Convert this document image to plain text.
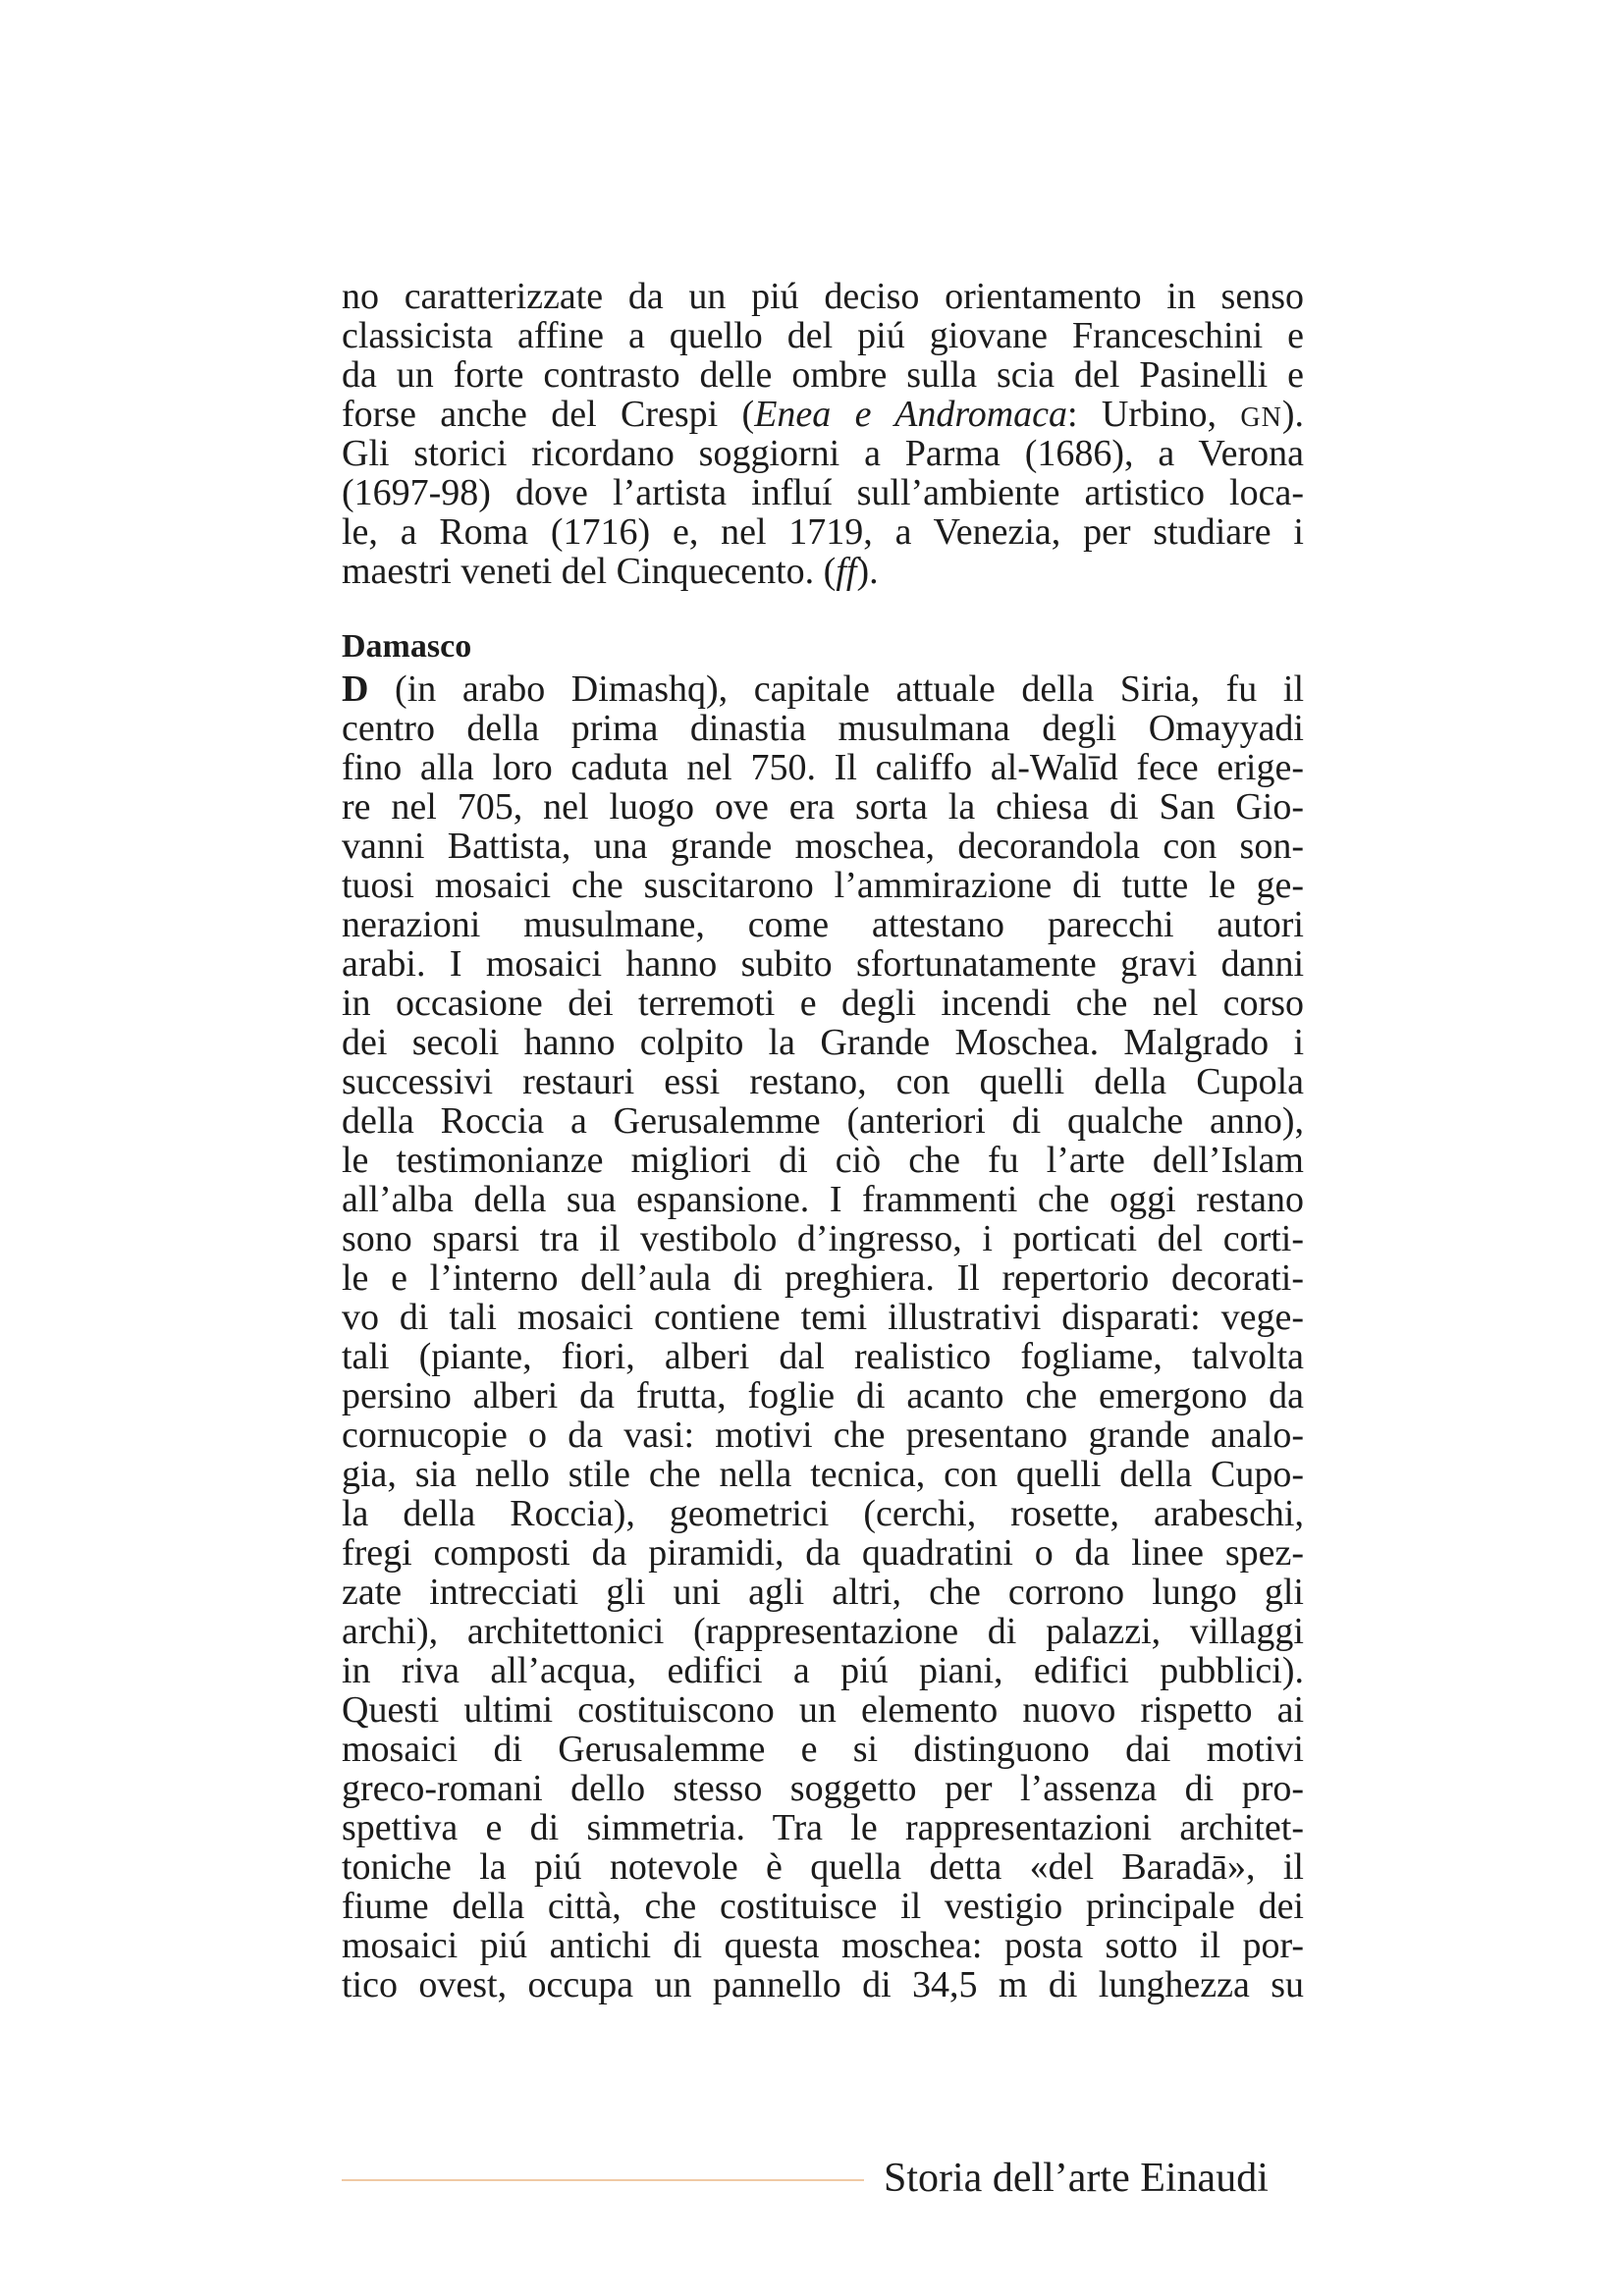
no caratterizzate da un piú deciso orientamento in senso
classicista affine a quello del piú giovane Franceschini e
da un forte contrasto delle ombre sulla scia del Pasinelli e
forse anche del Crespi (Enea e Andromaca: Urbino, GN).
Gli storici ricordano soggiorni a Parma (1686), a Verona
(1697-98) dove l’artista influí sull’ambiente artistico loca-
le, a Roma (1716) e, nel 1719, a Venezia, per studiare i
maestri veneti del Cinquecento. (ff).
Damasco
D (in arabo Dimashq), capitale attuale della Siria, fu il
centro della prima dinastia musulmana degli Omayyadi
fino alla loro caduta nel 750. Il califfo al-Walīd fece erige-
re nel 705, nel luogo ove era sorta la chiesa di San Gio-
vanni Battista, una grande moschea, decorandola con son-
tuosi mosaici che suscitarono l’ammirazione di tutte le ge-
nerazioni musulmane, come attestano parecchi autori
arabi. I mosaici hanno subito sfortunatamente gravi danni
in occasione dei terremoti e degli incendi che nel corso
dei secoli hanno colpito la Grande Moschea. Malgrado i
successivi restauri essi restano, con quelli della Cupola
della Roccia a Gerusalemme (anteriori di qualche anno),
le testimonianze migliori di ciò che fu l’arte dell’Islam
all’alba della sua espansione. I frammenti che oggi restano
sono sparsi tra il vestibolo d’ingresso, i porticati del corti-
le e l’interno dell’aula di preghiera. Il repertorio decorati-
vo di tali mosaici contiene temi illustrativi disparati: vege-
tali (piante, fiori, alberi dal realistico fogliame, talvolta
persino alberi da frutta, foglie di acanto che emergono da
cornucopie o da vasi: motivi che presentano grande analo-
gia, sia nello stile che nella tecnica, con quelli della Cupo-
la della Roccia), geometrici (cerchi, rosette, arabeschi,
fregi composti da piramidi, da quadratini o da linee spez-
zate intrecciati gli uni agli altri, che corrono lungo gli
archi), architettonici (rappresentazione di palazzi, villaggi
in riva all’acqua, edifici a piú piani, edifici pubblici).
Questi ultimi costituiscono un elemento nuovo rispetto ai
mosaici di Gerusalemme e si distinguono dai motivi
greco-romani dello stesso soggetto per l’assenza di pro-
spettiva e di simmetria. Tra le rappresentazioni architet-
toniche la piú notevole è quella detta «del Baradā», il
fiume della città, che costituisce il vestigio principale dei
mosaici piú antichi di questa moschea: posta sotto il por-
tico ovest, occupa un pannello di 34,5 m di lunghezza su
Storia dell’arte Einaudi
